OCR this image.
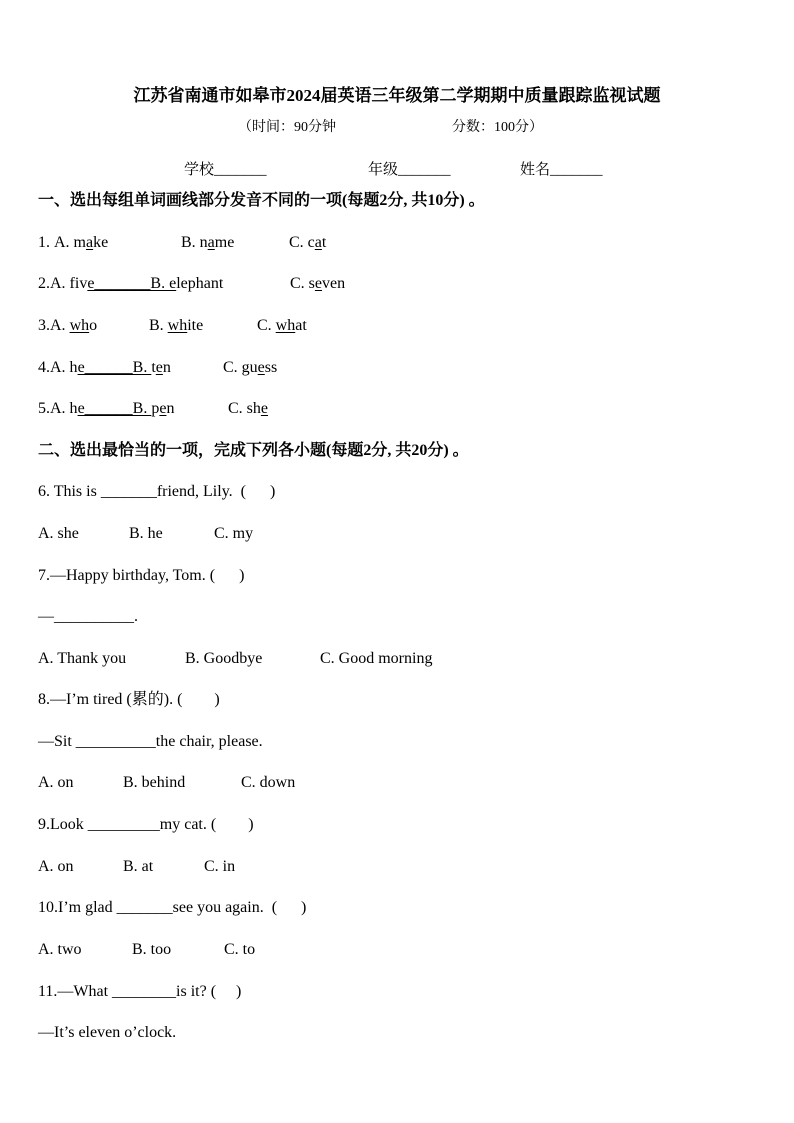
江苏省南通市如皋市2024届英语三年级第二学期期中质量跟踪监视试题
（时间：90分钟	分数：100分）
学校_______	年级_______	姓名_______
一、选出每组单词画线部分发音不同的一项(每题2分, 共10分) 。
1. A. make	B. name	C. cat
2.A. five_______B. elephant	C. seven
3.A. who	B. white	C. what
4.A. he______B. ten	C. guess
5.A. he______B. pen	C. she
二、选出最恰当的一项，完成下列各小题(每题2分, 共20分) 。
6. This is _______friend, Lily.  (      )
A. she	B. he	C. my
7.—Happy birthday, Tom. (      )
—__________.
A. Thank you	B. Goodbye	C. Good morning
8.—I’m tired (累的). (        )
—Sit __________the chair, please.
A. on	B. behind	C. down
9.Look _________my cat. (        )
A. on	B. at	C. in
10.I’m glad _______see you again.  (      )
A. two	B. too	C. to
11.—What ________is it? (     )
—It’s eleven o’clock.
